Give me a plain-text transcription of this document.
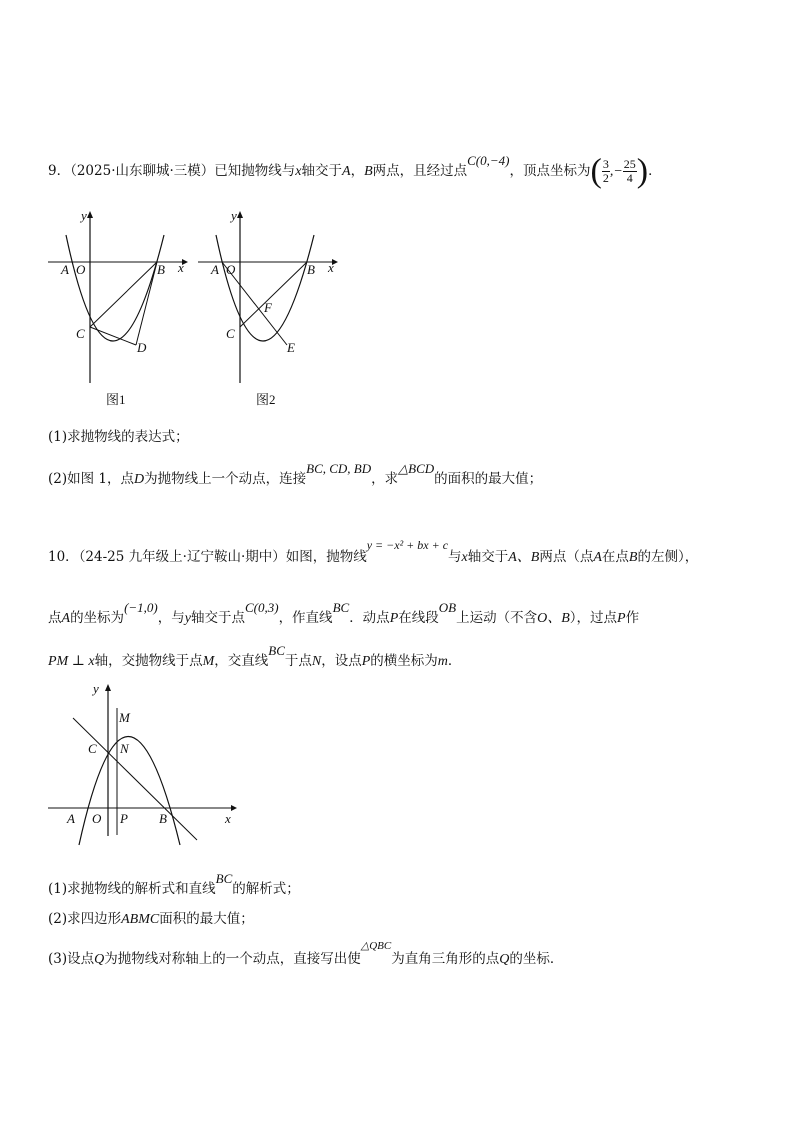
9．（2025·山东聊城·三模）已知抛物线与x轴交于A，B两点，且经过点C(0,−4)，顶点坐标为( $\frac{3}{2}$ ,− $\frac{25}{4}$ )．
y
x
A O	B
C
D
图1
y
x
A O	B
C
F
E
图2
(1)求抛物线的表达式；
(2)如图 1，点D为抛物线上一个动点，连接BC, CD, BD，求△BCD的面积的最大值；
10．（24-25 九年级上·辽宁鞍山·期中）如图，抛物线y = −x² + bx + c与x轴交于A、B两点（点A在点B的左侧），
点A的坐标为(−1,0)，与y轴交于点C(0,3)，作直线BC．动点P在线段OB上运动（不含O、B），过点P作
PM ⊥ x轴，交抛物线于点M，交直线BC于点N，设点P的横坐标为m．
y
x
M
C N
A O P B
(1)求抛物线的解析式和直线BC的解析式；
(2)求四边形ABMC面积的最大值；
(3)设点Q为抛物线对称轴上的一个动点，直接写出使$^{\triangle QBC}$为直角三角形的点Q的坐标．
